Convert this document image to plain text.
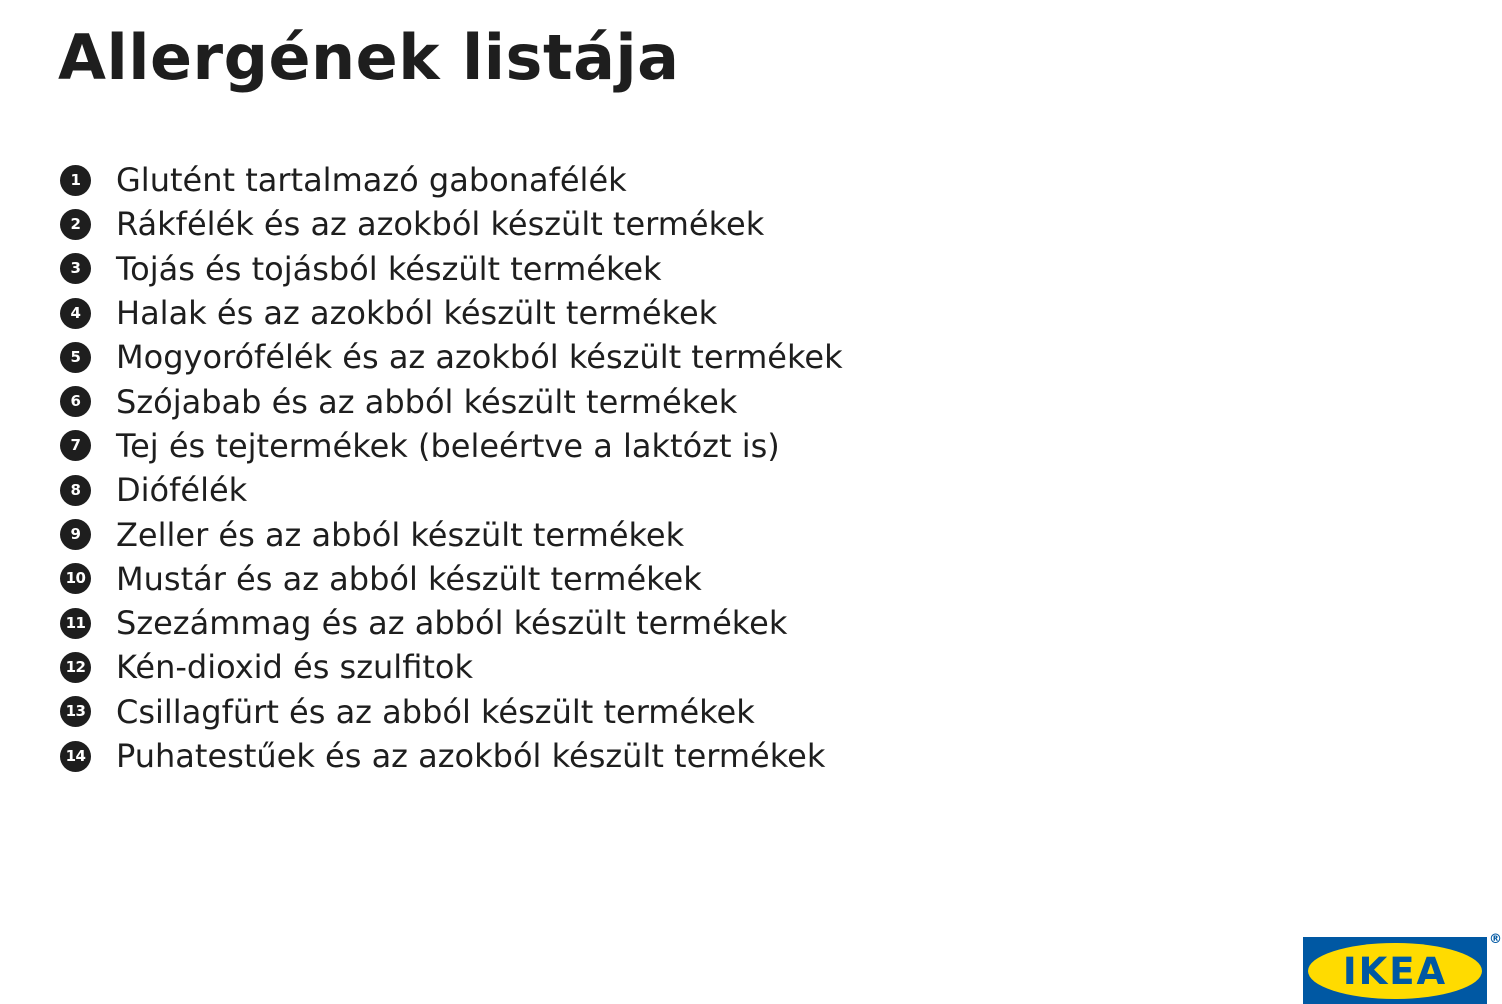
Allergének listája
1	Glutént tartalmazó gabonafélék
2	Rákfélék és az azokból készült termékek
3	Tojás és tojásból készült termékek
4	Halak és az azokból készült termékek
5	Mogyorófélék és az azokból készült termékek
6	Szójabab és az abból készült termékek
7	Tej és tejtermékek (beleértve a laktózt is)
8	Diófélék
9	Zeller és az abból készült termékek
10 Mustár és az abból készült termékek
11 Szezámmag és az abból készült termékek
12 Kén-dioxid és szulfitok
13 Csillagfürt és az abból készült termékek
14 Puhatestűek és az azokból készült termékek
IKEA
®
